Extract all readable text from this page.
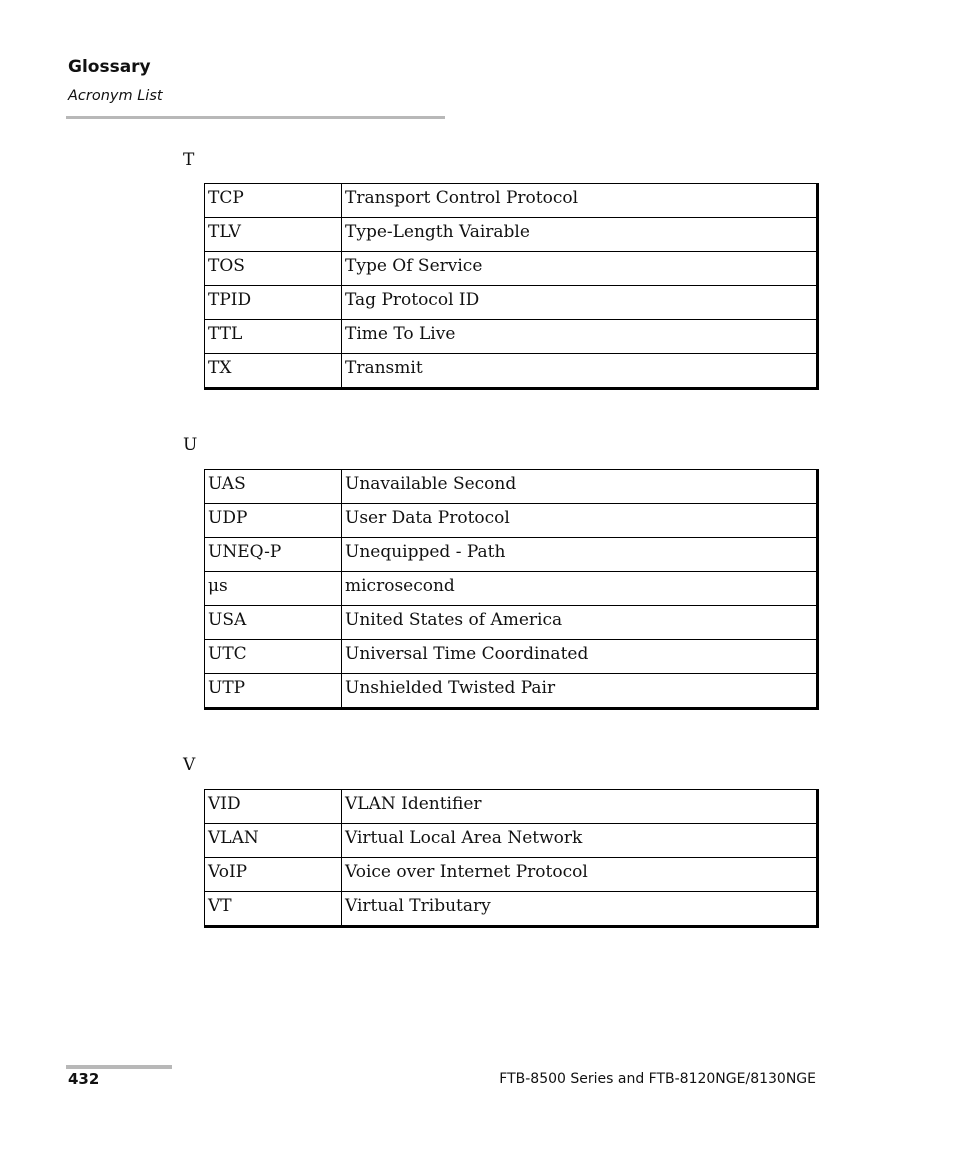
Glossary
Acronym List
T
TCP	Transport Control Protocol
TLV	Type-Length Vairable
TOS	Type Of Service
TPID	Tag Protocol ID
TTL	Time To Live
TX	Transmit
U
UAS	Unavailable Second
UDP	User Data Protocol
UNEQ-P	Unequipped - Path
μs	microsecond
USA	United States of America
UTC	Universal Time Coordinated
UTP	Unshielded Twisted Pair
V
VID	VLAN Identifier
VLAN	Virtual Local Area Network
VoIP	Voice over Internet Protocol
VT	Virtual Tributary
432	FTB-8500 Series and FTB-8120NGE/8130NGE
